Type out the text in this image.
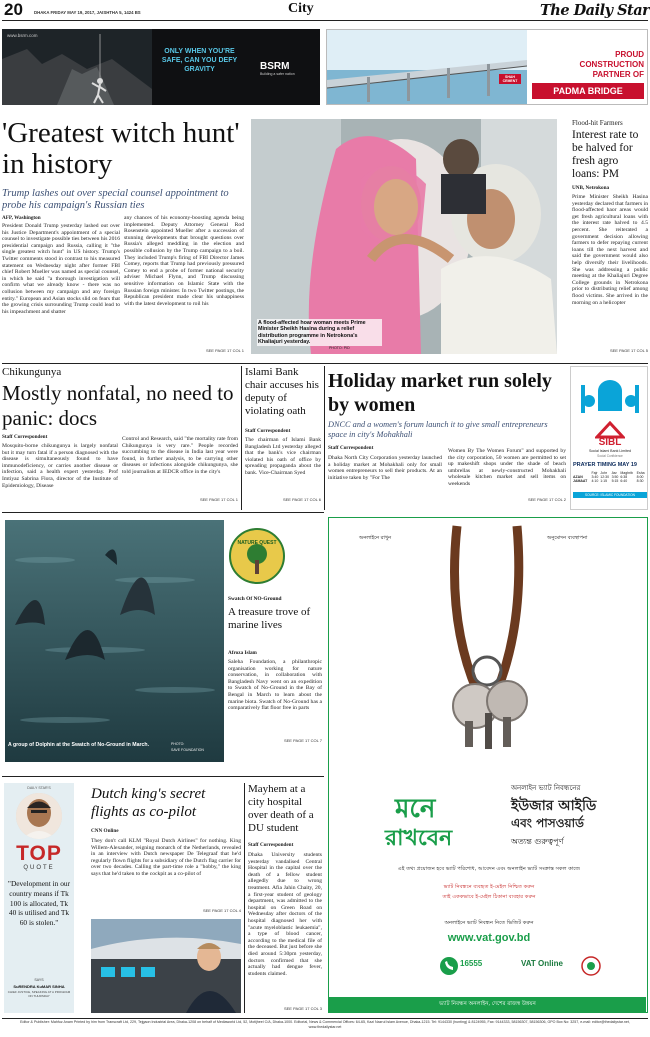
20	DHAKA FRIDAY MAY 19, 2017, JAISHTHA 5, 1424 BS	City	The Daily Star
www.bsrm.com
ONLY WHEN YOU'RE SAFE, CAN YOU DEFY GRAVITY	BSRM
Building a safer nation
SHAH CEMENT
PROUD
CONSTRUCTION
PARTNER OF
PADMA BRIDGE
'Greatest witch hunt' in history
Trump lashes out over special counsel appointment to probe his campaign's Russian ties
AFP, Washington
President Donald Trump yesterday lashed out over his Justice Department's appointment of a special counsel to investigate possible ties between his 2016 presidential campaign and Russia, calling it "the single greatest witch hunt" in US history. Trump's Twitter comments stood in contrast to his measured statement on Wednesday night after former FBI chief Robert Mueller was named as special counsel, in which he said "a thorough investigation will confirm what we already know - there was no collusion between my campaign and any foreign entity." European and Asian stocks slid on fears that the growing crisis surrounding Trump could lead to his impeachment and shatter
any chances of his economy-boosting agenda being implemented. Deputy Attorney General Rod Rosenstein appointed Mueller after a succession of stunning developments that brought questions over Russia's alleged meddling in the election and possible collusion by the Trump campaign to a boil. They included Trump's firing of FBI Director James Comey, reports that Trump had previously pressured Comey to end a probe of former national security adviser Michael Flynn, and Trump discussing sensitive information on Islamic State with the Russian foreign minister. In two Twitter postings, the Republican president made clear his unhappiness with the latest development to roil his
SEE PAGE 17 COL 1
A flood-affected hoar woman meets Prime Minister Sheikh Hasina during a relief distribution programme in Netrokona's Khaliajuri yesterday.
PHOTO: PID
Flood-hit Farmers
Interest rate to be halved for fresh agro loans: PM
UNB, Netrokona
Prime Minister Sheikh Hasina yesterday declared that farmers in flood-affected haor areas would get fresh agricultural loans with the interest rate halved to 4.5 percent. She reiterated a government decision allowing farmers to defer repaying current loans till the next harvest and said the government would also help diversify their livelihoods. She was addressing a public meeting at the Khaliajuri Degree College grounds in Netrokona prior to distributing relief among flood victims. She arrived in the morning on a helicopter
SEE PAGE 17 COL 5
Chikungunya
Mostly nonfatal, no need to panic: docs
Staff Correspondent
Mosquito-borne chikungunya is largely nonfatal but it may turn fatal if a person diagnosed with the disease is simultaneously found to have immunodeficiency, or carries another disease or infection, said a health expert yesterday. Prof Imtiyaz Sabrina Flora, director of the Institute of Epidemiology, Disease
Control and Research, said "the mortality rate from Chikungunya is very rare." People recorded succumbing to the disease in India last year were found, in further analysis, to be carrying other diseases or infections alongside chikungunya, she told journalists at IEDCR office in the city's
SEE PAGE 17 COL 1
Islami Bank
chair accuses his deputy of violating oath
Staff Correspondent
The chairman of Islami Bank Bangladesh Ltd yesterday alleged that the bank's vice chairman violated his oath of office by spreading propaganda about the bank. Vice-Chairman Syed
SEE PAGE 17 COL 6
Holiday market run solely by women
DNCC and a women's forum launch it to give small entrepreneurs space in city's Mohakhali
Staff Correspondent
Dhaka North City Corporation yesterday launched a holiday market at Mohakhali only for small women entrepreneurs to sell their products. At an initiative taken by "For The
Women By The Women Forum" and supported by the city corporation, 50 women are permitted to set up makeshift shops under the shade of beach umbrellas at newly-constructed Mohakhali wholesale kitchen market and sell items on weekends
SEE PAGE 17 COL 2
SIBL
Social Islami Bank Limited
Social Confidence
PRAYER TIMING MAY 19
	Fajr	Johr	Asr	Maghrib	Esha
AZAN	3:40	12:30	3:50	6:38	8:00
JAMAAT	4:10	1:15	5:15	6:40	8:30
SOURCE: ISLAMIC FOUNDATION
A group of Dolphin at the Swatch of No-Ground in March.	PHOTO:
SAVE FOUNDATION
NATURE QUEST
Swatch Of NO-Ground
A treasure trove of marine lives
Afroza Islam
Saleha Foundation, a philanthropic organisation working for nature conservation, in collaboration with Bangladesh Navy went on an expedition to Swatch of No-Ground in the Bay of Bengal in March to learn about the marine biota. Swatch of No-Ground has a comparatively flat floor free in parts
SEE PAGE 17 COL 7
অনলাইনে রাখুন	অনুমোদন ব্যবস্থাপনা
মনে
রাখবেন
অনলাইন ভ্যাট নিবন্ধনের
ইউজার আইডি
এবং পাসওয়ার্ড
অত্যন্ত গুরুত্বপূর্ণ
এই তথ্য প্রয়োজন হবে ভ্যাট পরিশোধ, আবেদন এবং অনলাইন ভ্যাট সংক্রান্ত সকল কাজে
ভ্যাট নিবন্ধনে ব্যবহৃত ই-মেইল নিশ্চিত করুন
তাই এককভাবে ই-মেইল ঠিকানা ব্যবহার করুন
অনলাইনে ভ্যাট নিবন্ধন নিতে ভিজিট করুন
www.vat.gov.bd
16555	VAT Online
ভ্যাট নিবন্ধন অনলাইন, দেশের রাজস্ব উন্নয়ন
DAILY STAR'S
TOP
QUOTE
"Development in our country means if Tk 100 is allocated, Tk 40 is utilised and Tk 60 is stolen."
SAYS
SuRENDRA KuMAR SINHA
CHIEF JUSTICE, SPEAKING AT A PROGRAM ON THURSDAY
Dutch king's secret flights as co-pilot
CNN Online
They don't call KLM "Royal Dutch Airlines" for nothing. King Willem-Alexander, reigning monarch of the Netherlands, revealed in an interview with Dutch newspaper De Telegraaf that he'd regularly flown flights for a subsidiary of the Dutch flag carrier for over two decades. Calling the part-time role a "hobby," the king says that he'd taken to the cockpit as a co-pilot of
SEE PAGE 17 COL 4
Mayhem at a city hospital over death of a DU student
Staff Correspondent
Dhaka University students yesterday vandalised Central Hospital in the capital over the death of a fellow student allegedly due to wrong treatment. Afia Jahin Chaity, 20, a first-year student of geology department, was admitted to the hospital on Green Road on Wednesday after doctors of the hospital diagnosed her with "acute myeloblastic leukaemia", a type of blood cancer, according to the medical file of the deceased. But just before she died around 5:30pm yesterday, doctors confirmed that she actually had dengue fever, students claimed.
SEE PAGE 17 COL 3
Editor & Publisher: Mahfuz Anam Printed by him from Transcraft Ltd, 229, Tejgaon Industrial Area, Dhaka-1208 on behalf of Mediaworld Ltd, 52, Motijheel C/A, Dhaka-1000. Editorial, News & Commercial Offices: 64-65, Kazi Nazrul Islam Avenue, Dhaka-1215. Tel: 9144330 (hunting) & 8124955, Fax: 9144333, 58156307, 58156306, GPO Box No: 3257, e-mail: editor@thedailystar.net, www.thedailystar.net
